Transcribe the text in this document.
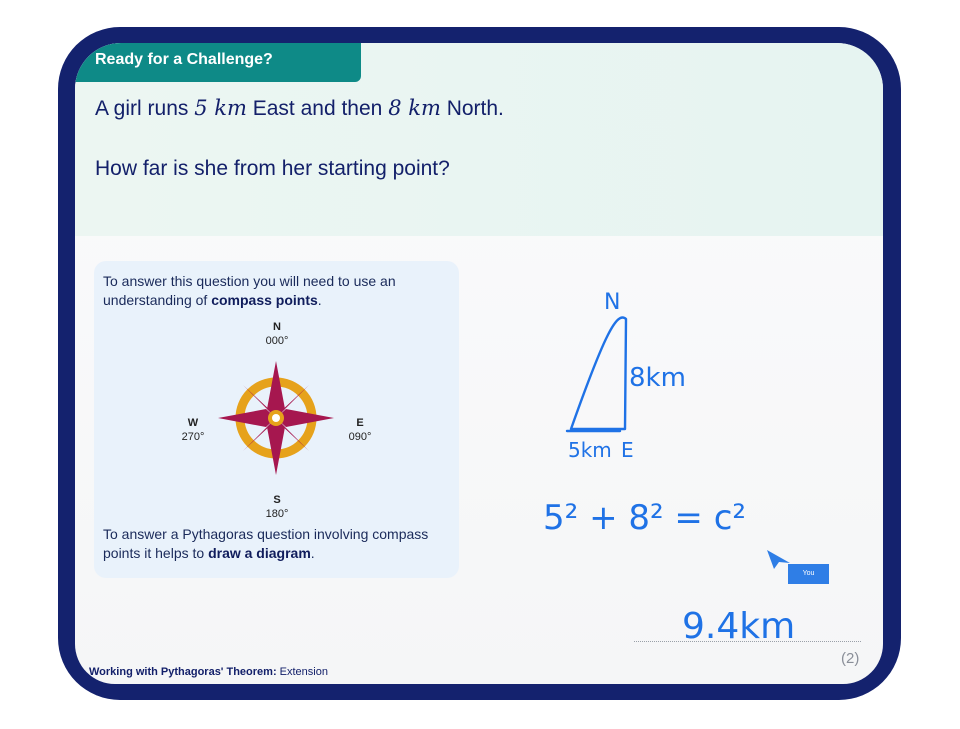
Ready for a Challenge?
A girl runs 5 km East and then 8 km North.
How far is she from her starting point?
To answer this question you will need to use an understanding of compass points.
N
000°
W
270°
E
090°
S
180°
To answer a Pythagoras question involving compass points it helps to draw a diagram.
N
8km
5km E
5² + 8² = c²
9.4km
You
(2)
Working with Pythagoras' Theorem: Extension
